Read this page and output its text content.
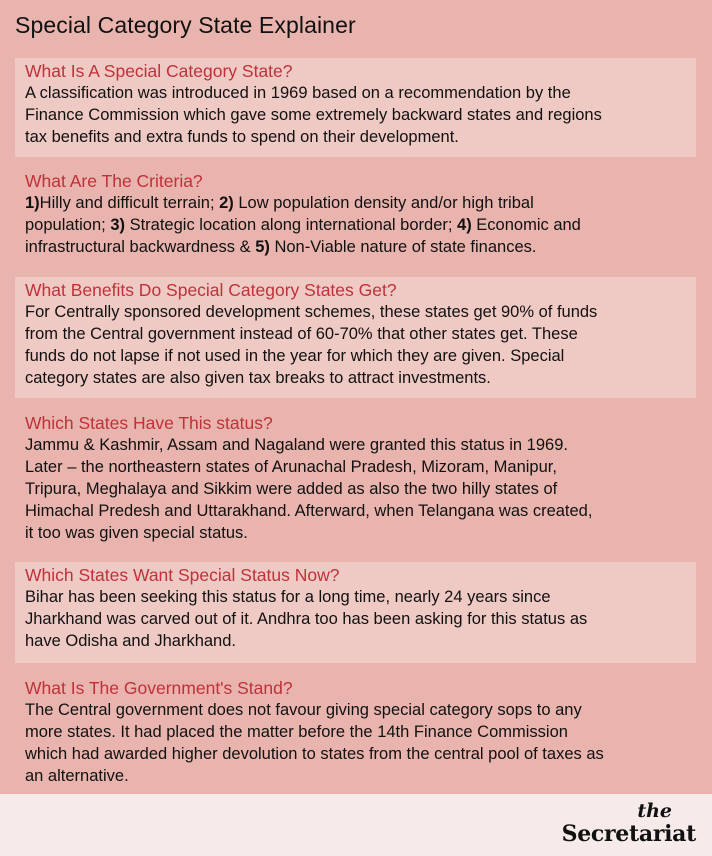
Special Category State Explainer
What Is A Special Category State?

A classification was introduced in 1969 based on a recommendation by the
Finance Commission which gave some extremely backward states and regions
tax benefits and extra funds to spend on their development.

What Are The Criteria?

1)Hilly and difficult terrain; 2) Low population density and/or high tribal
population; 3) Strategic location along international border; 4) Economic and
infrastructural backwardness & 5) Non-Viable nature of state finances.

What Benefits Do Special Category States Get?

For Centrally sponsored development schemes, these states get 90% of funds
from the Central government instead of 60-70% that other states get. These
funds do not lapse if not used in the year for which they are given. Special
category states are also given tax breaks to attract investments.

Which States Have This status?

Jammu & Kashmir, Assam and Nagaland were granted this status in 1969.
Later – the northeastern states of Arunachal Pradesh, Mizoram, Manipur,
Tripura, Meghalaya and Sikkim were added as also the two hilly states of
Himachal Predesh and Uttarakhand. Afterward, when Telangana was created,
it too was given special status.

Which States Want Special Status Now?

Bihar has been seeking this status for a long time, nearly 24 years since
Jharkhand was carved out of it. Andhra too has been asking for this status as
have Odisha and Jharkhand.

What Is The Government's Stand?

The Central government does not favour giving special category sops to any
more states. It had placed the matter before the 14th Finance Commission
which had awarded higher devolution to states from the central pool of taxes as
an alternative.

the
Secretariat
